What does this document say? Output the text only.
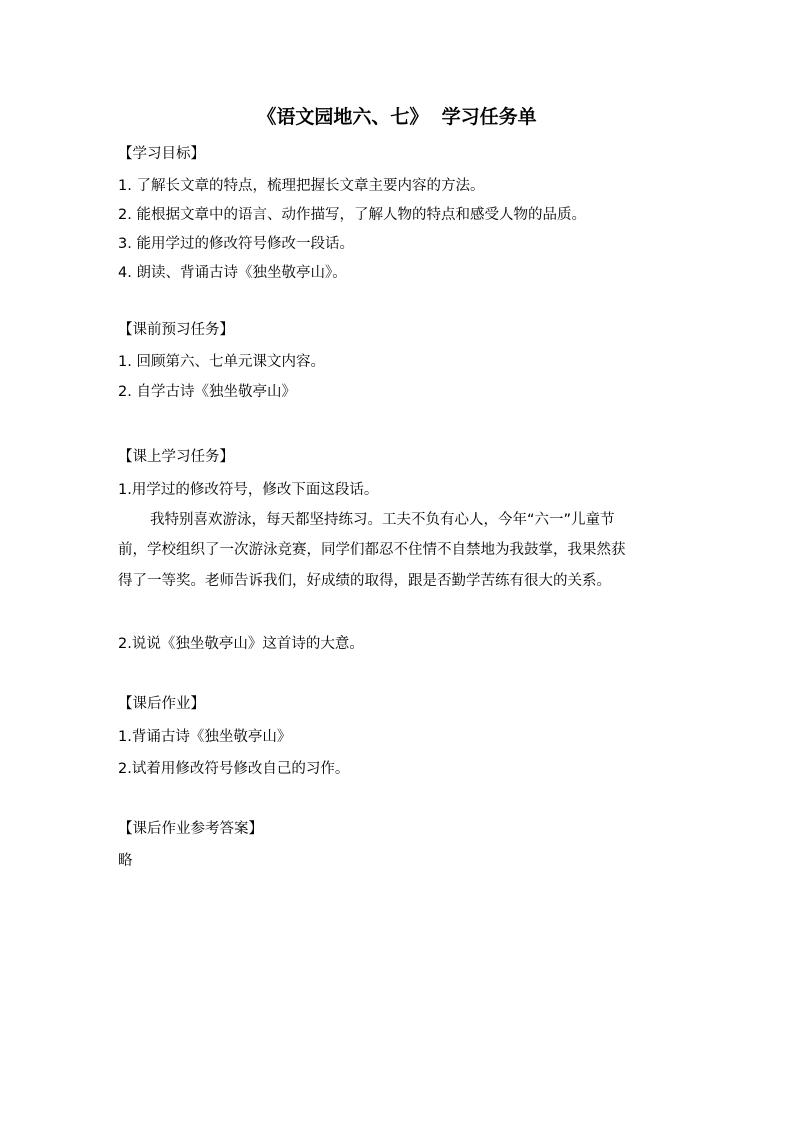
《语文园地六、七》  学习任务单
【学习目标】
1. 了解长文章的特点，梳理把握长文章主要内容的方法。
2. 能根据文章中的语言、动作描写，了解人物的特点和感受人物的品质。
3. 能用学过的修改符号修改一段话。
4. 朗读、背诵古诗《独坐敬亭山》。
【课前预习任务】
1. 回顾第六、七单元课文内容。
2. 自学古诗《独坐敬亭山》
【课上学习任务】
1.用学过的修改符号，修改下面这段话。
我特别喜欢游泳，每天都坚持练习。工夫不负有心人，今年“六一”儿童节
前，学校组织了一次游泳竞赛，同学们都忍不住情不自禁地为我鼓掌，我果然获
得了一等奖。老师告诉我们，好成绩的取得，跟是否勤学苦练有很大的关系。
2.说说《独坐敬亭山》这首诗的大意。
【课后作业】
1.背诵古诗《独坐敬亭山》
2.试着用修改符号修改自己的习作。
【课后作业参考答案】
略
